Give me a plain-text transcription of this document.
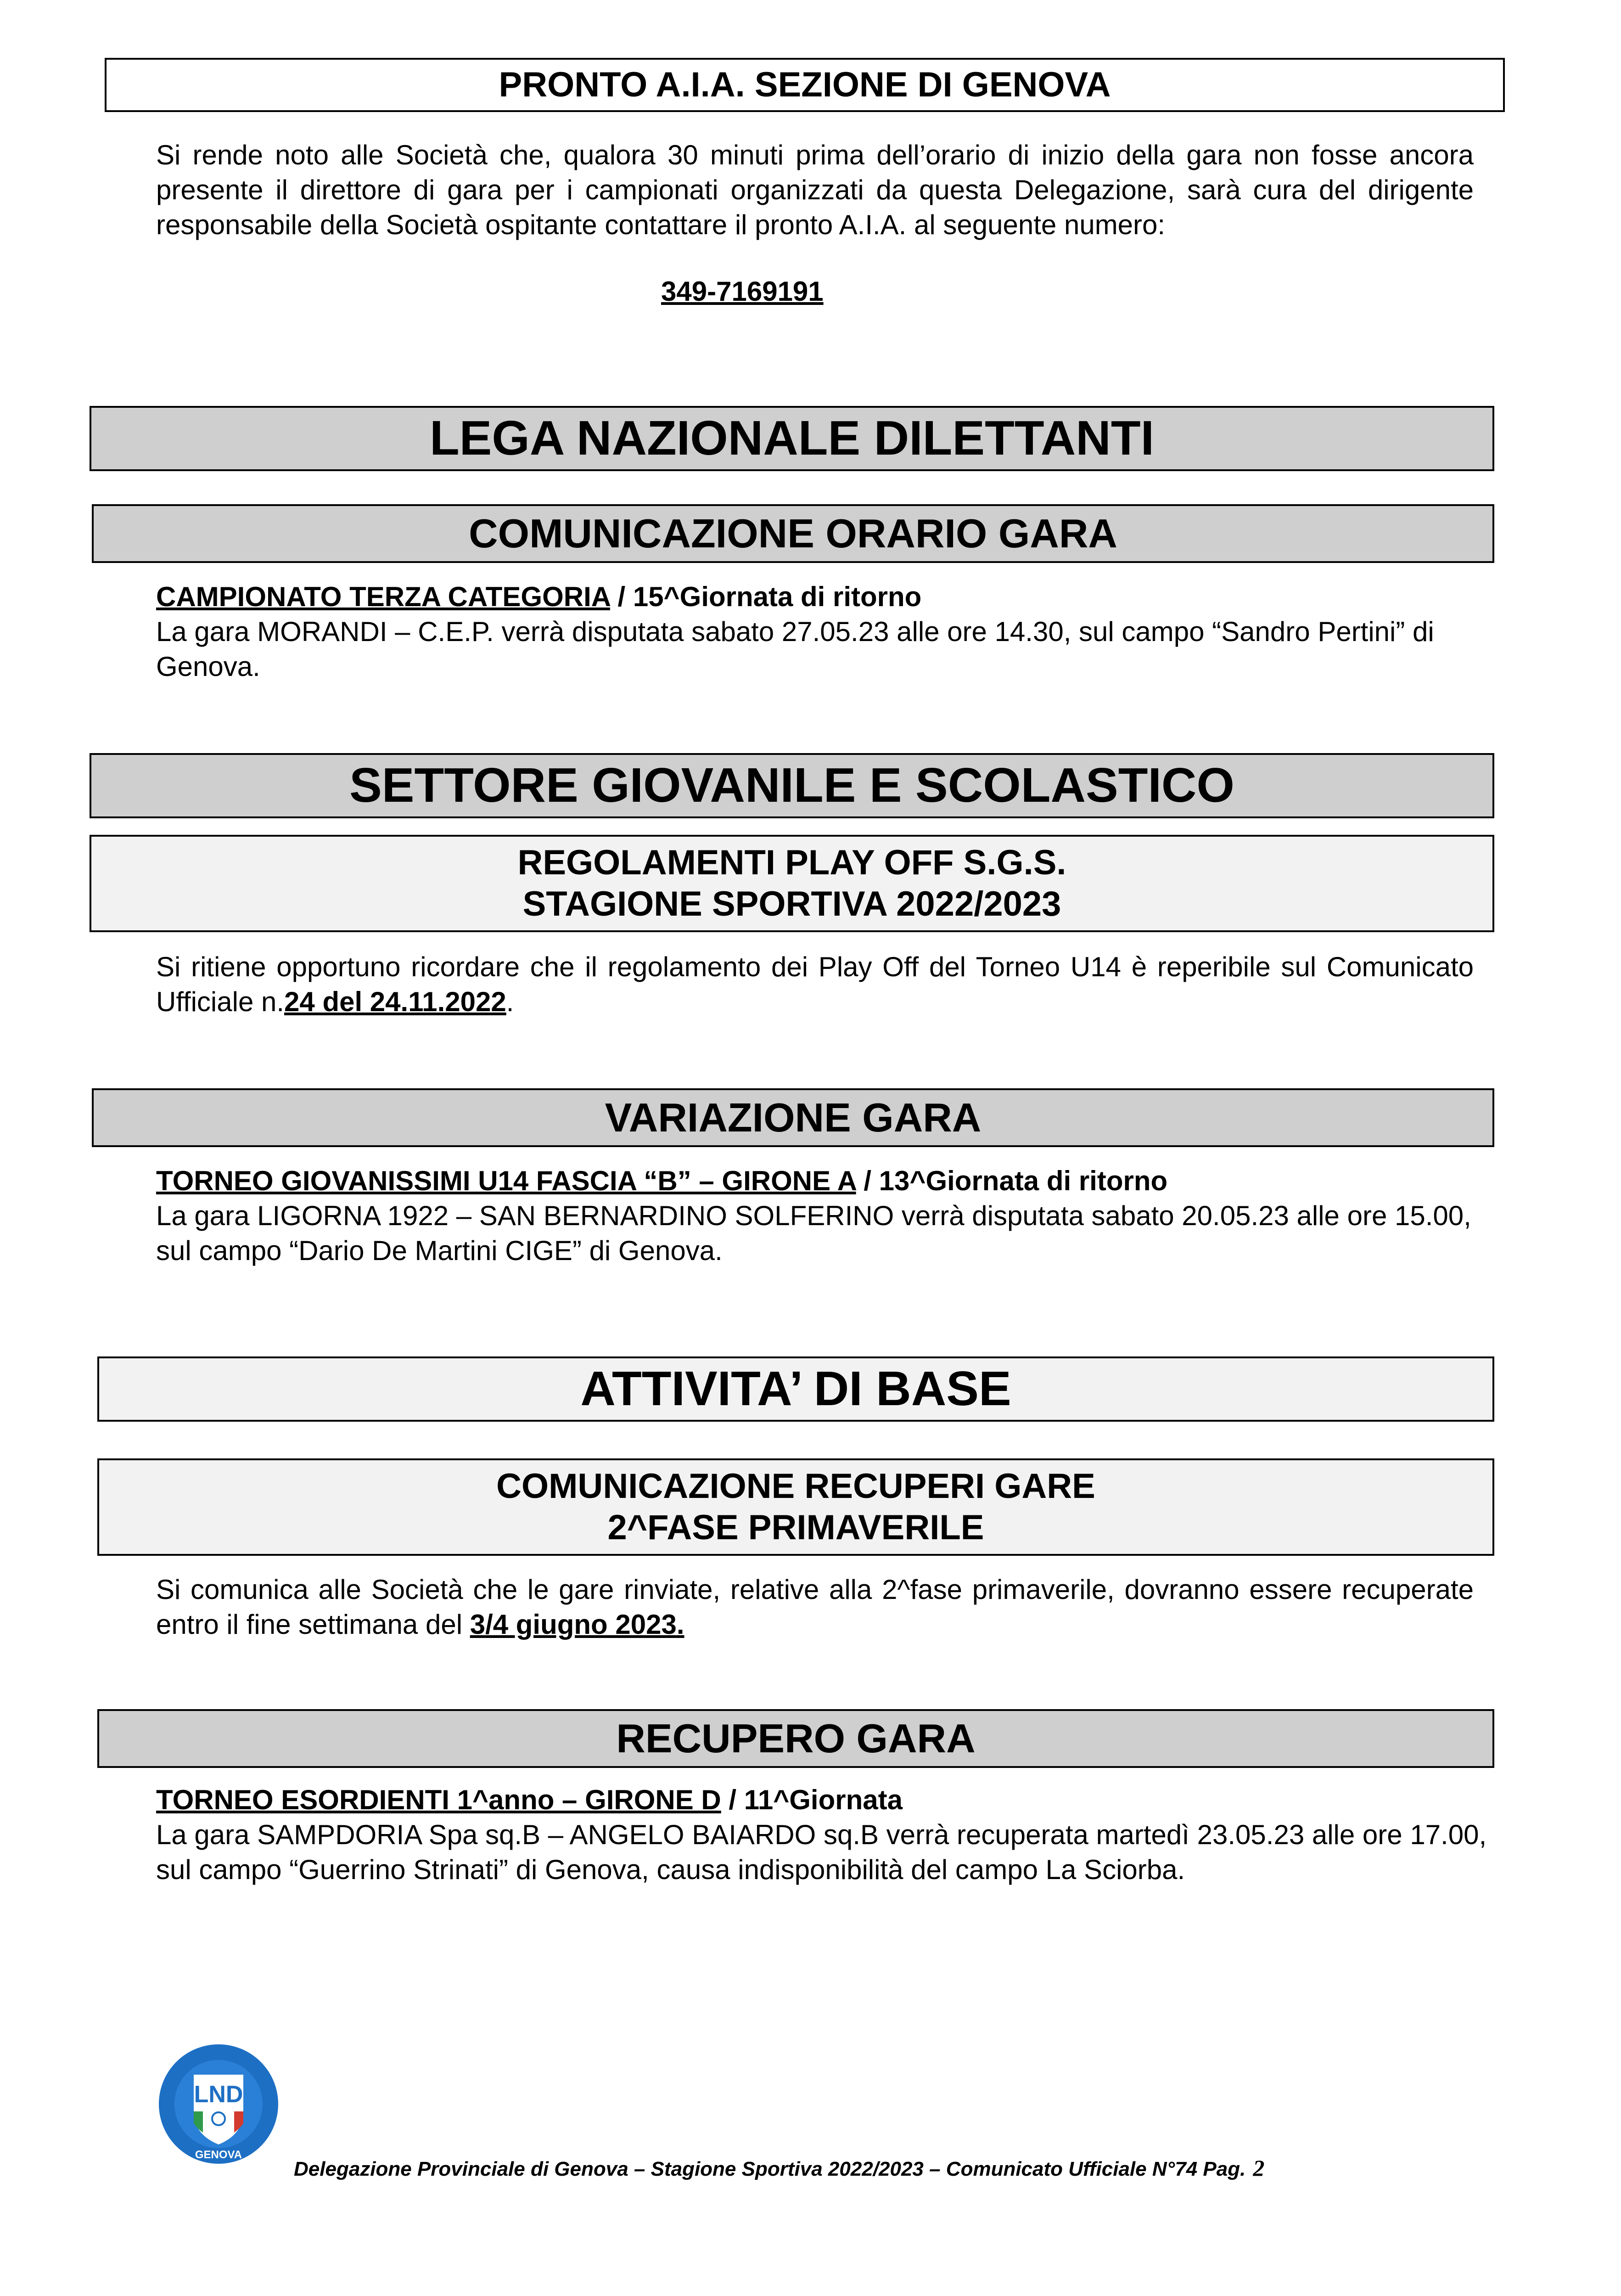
PRONTO A.I.A. SEZIONE DI GENOVA
Si rende noto alle Società che, qualora 30 minuti prima dell’orario di inizio della gara non fosse ancora presente il direttore di gara per i campionati organizzati da questa Delegazione, sarà cura del dirigente responsabile della Società ospitante contattare il pronto A.I.A. al seguente numero:
349-7169191
LEGA NAZIONALE DILETTANTI
COMUNICAZIONE ORARIO GARA
CAMPIONATO TERZA CATEGORIA / 15^Giornata di ritorno
La gara MORANDI – C.E.P. verrà disputata sabato 27.05.23 alle ore 14.30, sul campo “Sandro Pertini” di Genova.
SETTORE GIOVANILE E SCOLASTICO
REGOLAMENTI PLAY OFF S.G.S.
STAGIONE SPORTIVA 2022/2023
Si ritiene opportuno ricordare che il regolamento dei Play Off del Torneo U14 è reperibile sul Comunicato Ufficiale n.24 del 24.11.2022.
VARIAZIONE GARA
TORNEO GIOVANISSIMI U14 FASCIA “B” – GIRONE A / 13^Giornata di ritorno
La gara LIGORNA 1922 – SAN BERNARDINO SOLFERINO verrà disputata sabato 20.05.23 alle ore 15.00, sul campo “Dario De Martini CIGE” di Genova.
ATTIVITA’ DI BASE
COMUNICAZIONE RECUPERI GARE
2^FASE PRIMAVERILE
Si comunica alle Società che le gare rinviate, relative alla 2^fase primaverile, dovranno essere recuperate entro il fine settimana del 3/4 giugno 2023.
RECUPERO GARA
TORNEO ESORDIENTI 1^anno – GIRONE D / 11^Giornata
La gara SAMPDORIA Spa sq.B – ANGELO BAIARDO sq.B verrà recuperata martedì 23.05.23 alle ore 17.00, sul campo “Guerrino Strinati” di Genova, causa indisponibilità del campo La Sciorba.
LND
GENOVA
Delegazione Provinciale di Genova – Stagione Sportiva 2022/2023 – Comunicato Ufficiale N°74 Pag. 2
